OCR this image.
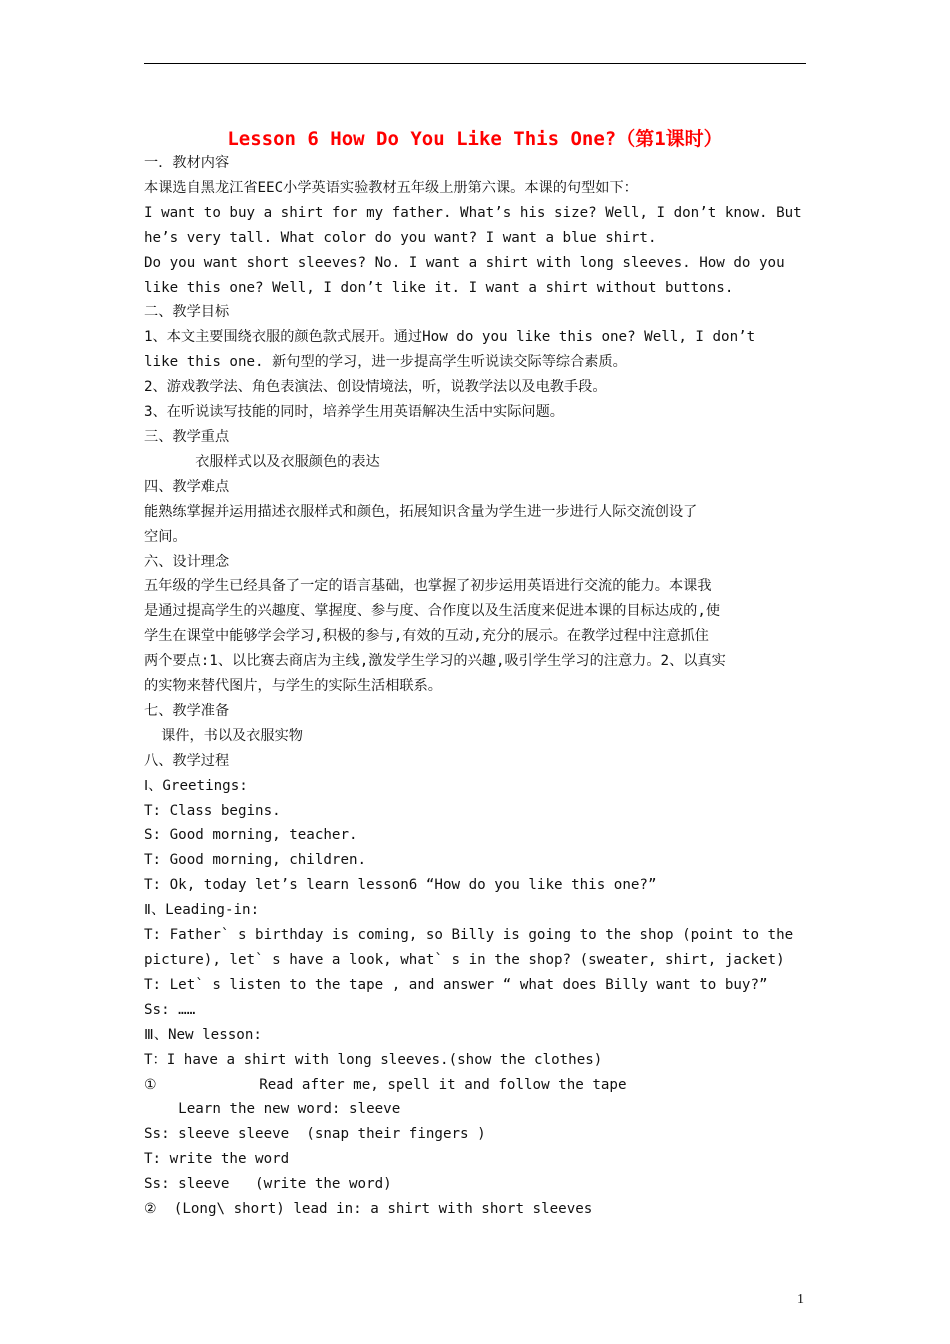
Lesson 6 How Do You Like This One?（第1课时）
一．教材内容
本课选自黑龙江省EEC小学英语实验教材五年级上册第六课。本课的句型如下：
I want to buy a shirt for my father. What’s his size? Well, I don’t know. But
he’s very tall. What color do you want? I want a blue shirt.
Do you want short sleeves? No. I want a shirt with long sleeves. How do you
like this one? Well, I don’t like it. I want a shirt without buttons.
二、教学目标
1、本文主要围绕衣服的颜色款式展开。通过How do you like this one? Well, I don’t
like this one. 新句型的学习，进一步提高学生听说读交际等综合素质。
2、游戏教学法、角色表演法、创设情境法，听，说教学法以及电教手段。
3、在听说读写技能的同时，培养学生用英语解决生活中实际问题。
三、教学重点
衣服样式以及衣服颜色的表达
四、教学难点
能熟练掌握并运用描述衣服样式和颜色，拓展知识含量为学生进一步进行人际交流创设了
空间。
六、设计理念
五年级的学生已经具备了一定的语言基础，也掌握了初步运用英语进行交流的能力。本课我
是通过提高学生的兴趣度、掌握度、参与度、合作度以及生活度来促进本课的目标达成的,使
学生在课堂中能够学会学习,积极的参与,有效的互动,充分的展示。在教学过程中注意抓住
两个要点:1、以比赛去商店为主线,激发学生学习的兴趣,吸引学生学习的注意力。2、以真实
的实物来替代图片，与学生的实际生活相联系。
七、教学准备
课件，书以及衣服实物
八、教学过程
Ⅰ、Greetings:
T: Class begins.
S: Good morning, teacher.
T: Good morning, children.
T: Ok, today let’s learn lesson6 “How do you like this one?”
Ⅱ、Leading-in:
T: Father` s birthday is coming, so Billy is going to the shop (point to the
picture), let` s have a look, what` s in the shop? (sweater, shirt, jacket)
T: Let` s listen to the tape , and answer “ what does Billy want to buy?”
Ss: ……
Ⅲ、New lesson:
T：I have a shirt with long sleeves.(show the clothes)
①            Read after me, spell it and follow the tape
Learn the new word: sleeve
Ss: sleeve sleeve  (snap their fingers )
T: write the word
Ss: sleeve   (write the word)
②  (Long\ short) lead in: a shirt with short sleeves
1
